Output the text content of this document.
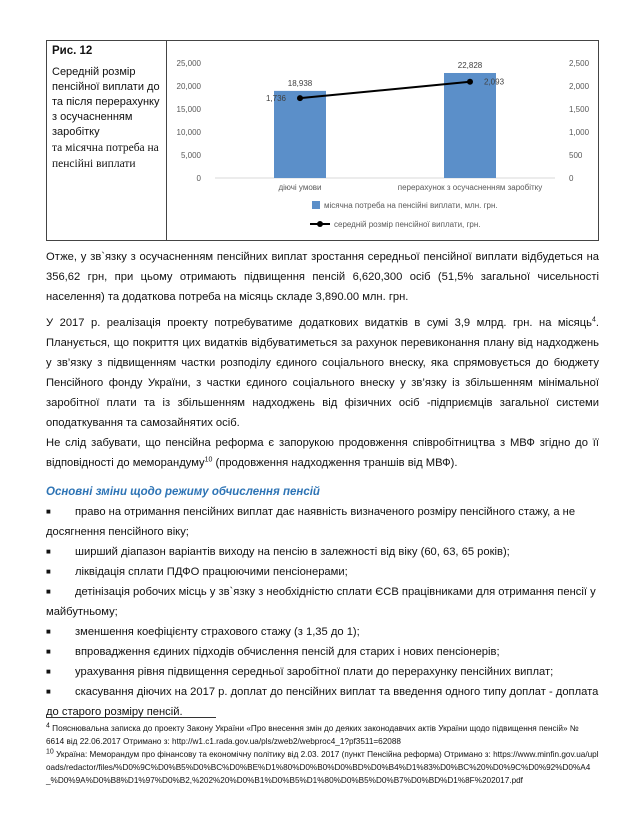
Рис. 12
Середній розмір пенсійної виплати до та після перерахунку з осучасненням заробітку
та місячна потреба на пенсійні виплати
0
5,000
10,000
15,000
20,000
25,000
0
500
1,000
1,500
2,000
2,500
18,938
22,828
діючі умови	перерахунок з осучасненням заробітку
1,736
2,093
місячна потреба на пенсійні виплати, млн. грн.
середній розмір пенсійної виплати, грн.

Отже, у зв`язку з осучасненням пенсійних виплат зростання середньої пенсійної виплати відбудеться на 356,62 грн, при цьому отримають підвищення пенсій 6,620,300 осіб (51,5% загальної чисельності населення) та додаткова потреба на місяць складе 3,890.00 млн. грн.

У 2017 р. реалізація проекту потребуватиме додаткових видатків в сумі 3,9 млрд. грн. на місяць$^4$. Планується, що покриття цих видатків відбуватиметься за рахунок перевиконання плану від надходжень у зв’язку з підвищенням частки розподілу єдиного соціального внеску, яка спрямовується до бюджету Пенсійного фонду України, з частки єдиного соціального внеску у зв’язку із збільшенням мінімальної заробітної плати та із збільшенням надходжень від фізичних осіб -підприємців загальної системи оподаткування та самозайнятих осіб.

Не слід забувати, що пенсійна реформа є запорукою продовження співробітництва з МВФ згідно до її відповідності до меморандуму$^{10}$ (продовження надходження траншів від МВФ).

Основні зміни щодо режиму обчислення пенсій

■ право на отримання пенсійних виплат дає наявність визначеного розміру пенсійного стажу, а не досягнення пенсійного віку;
■ ширший діапазон варіантів виходу на пенсію в залежності від віку (60, 63, 65 років);
■ ліквідація сплати ПДФО працюючими пенсіонерами;
■ детінізація робочих місць у зв`язку з необхідністю сплати ЄСВ працівниками для отримання пенсії у майбутньому;
■ зменшення коефіцієнту страхового стажу (з 1,35 до 1);
■ впровадження єдиних підходів обчислення пенсій для старих і нових пенсіонерів;
■ урахування рівня підвищення середньої заробітної плати до перерахунку пенсійних виплат;
■ скасування діючих на 2017 р. доплат до пенсійних виплат та введення одного типу доплат - доплата до старого розміру пенсій.

$^4$ Пояснювальна записка до проекту Закону України «Про внесення змін до деяких законодавчих актів України щодо підвищення пенсій» № 6614 від 22.06.2017 Отримано з: http://w1.c1.rada.gov.ua/pls/zweb2/webproc4_1?pf3511=62088

$^{10}$ Україна: Меморандум про фінансову та економічну політику від 2.03. 2017 (пункт Пенсійна реформа) Отримано з: https://www.minfin.gov.ua/uploads/redactor/files/%D0%9C%D0%B5%D0%BC%D0%BE%D1%80%D0%B0%D0%BD%D0%B4%D1%83%D0%BC%20%D0%9C%D0%92%D0%A4_%D0%9A%D0%B8%D1%97%D0%B2,%202%20%D0%B1%D0%B5%D1%80%D0%B5%D0%B7%D0%BD%D1%8F%202017.pdf
